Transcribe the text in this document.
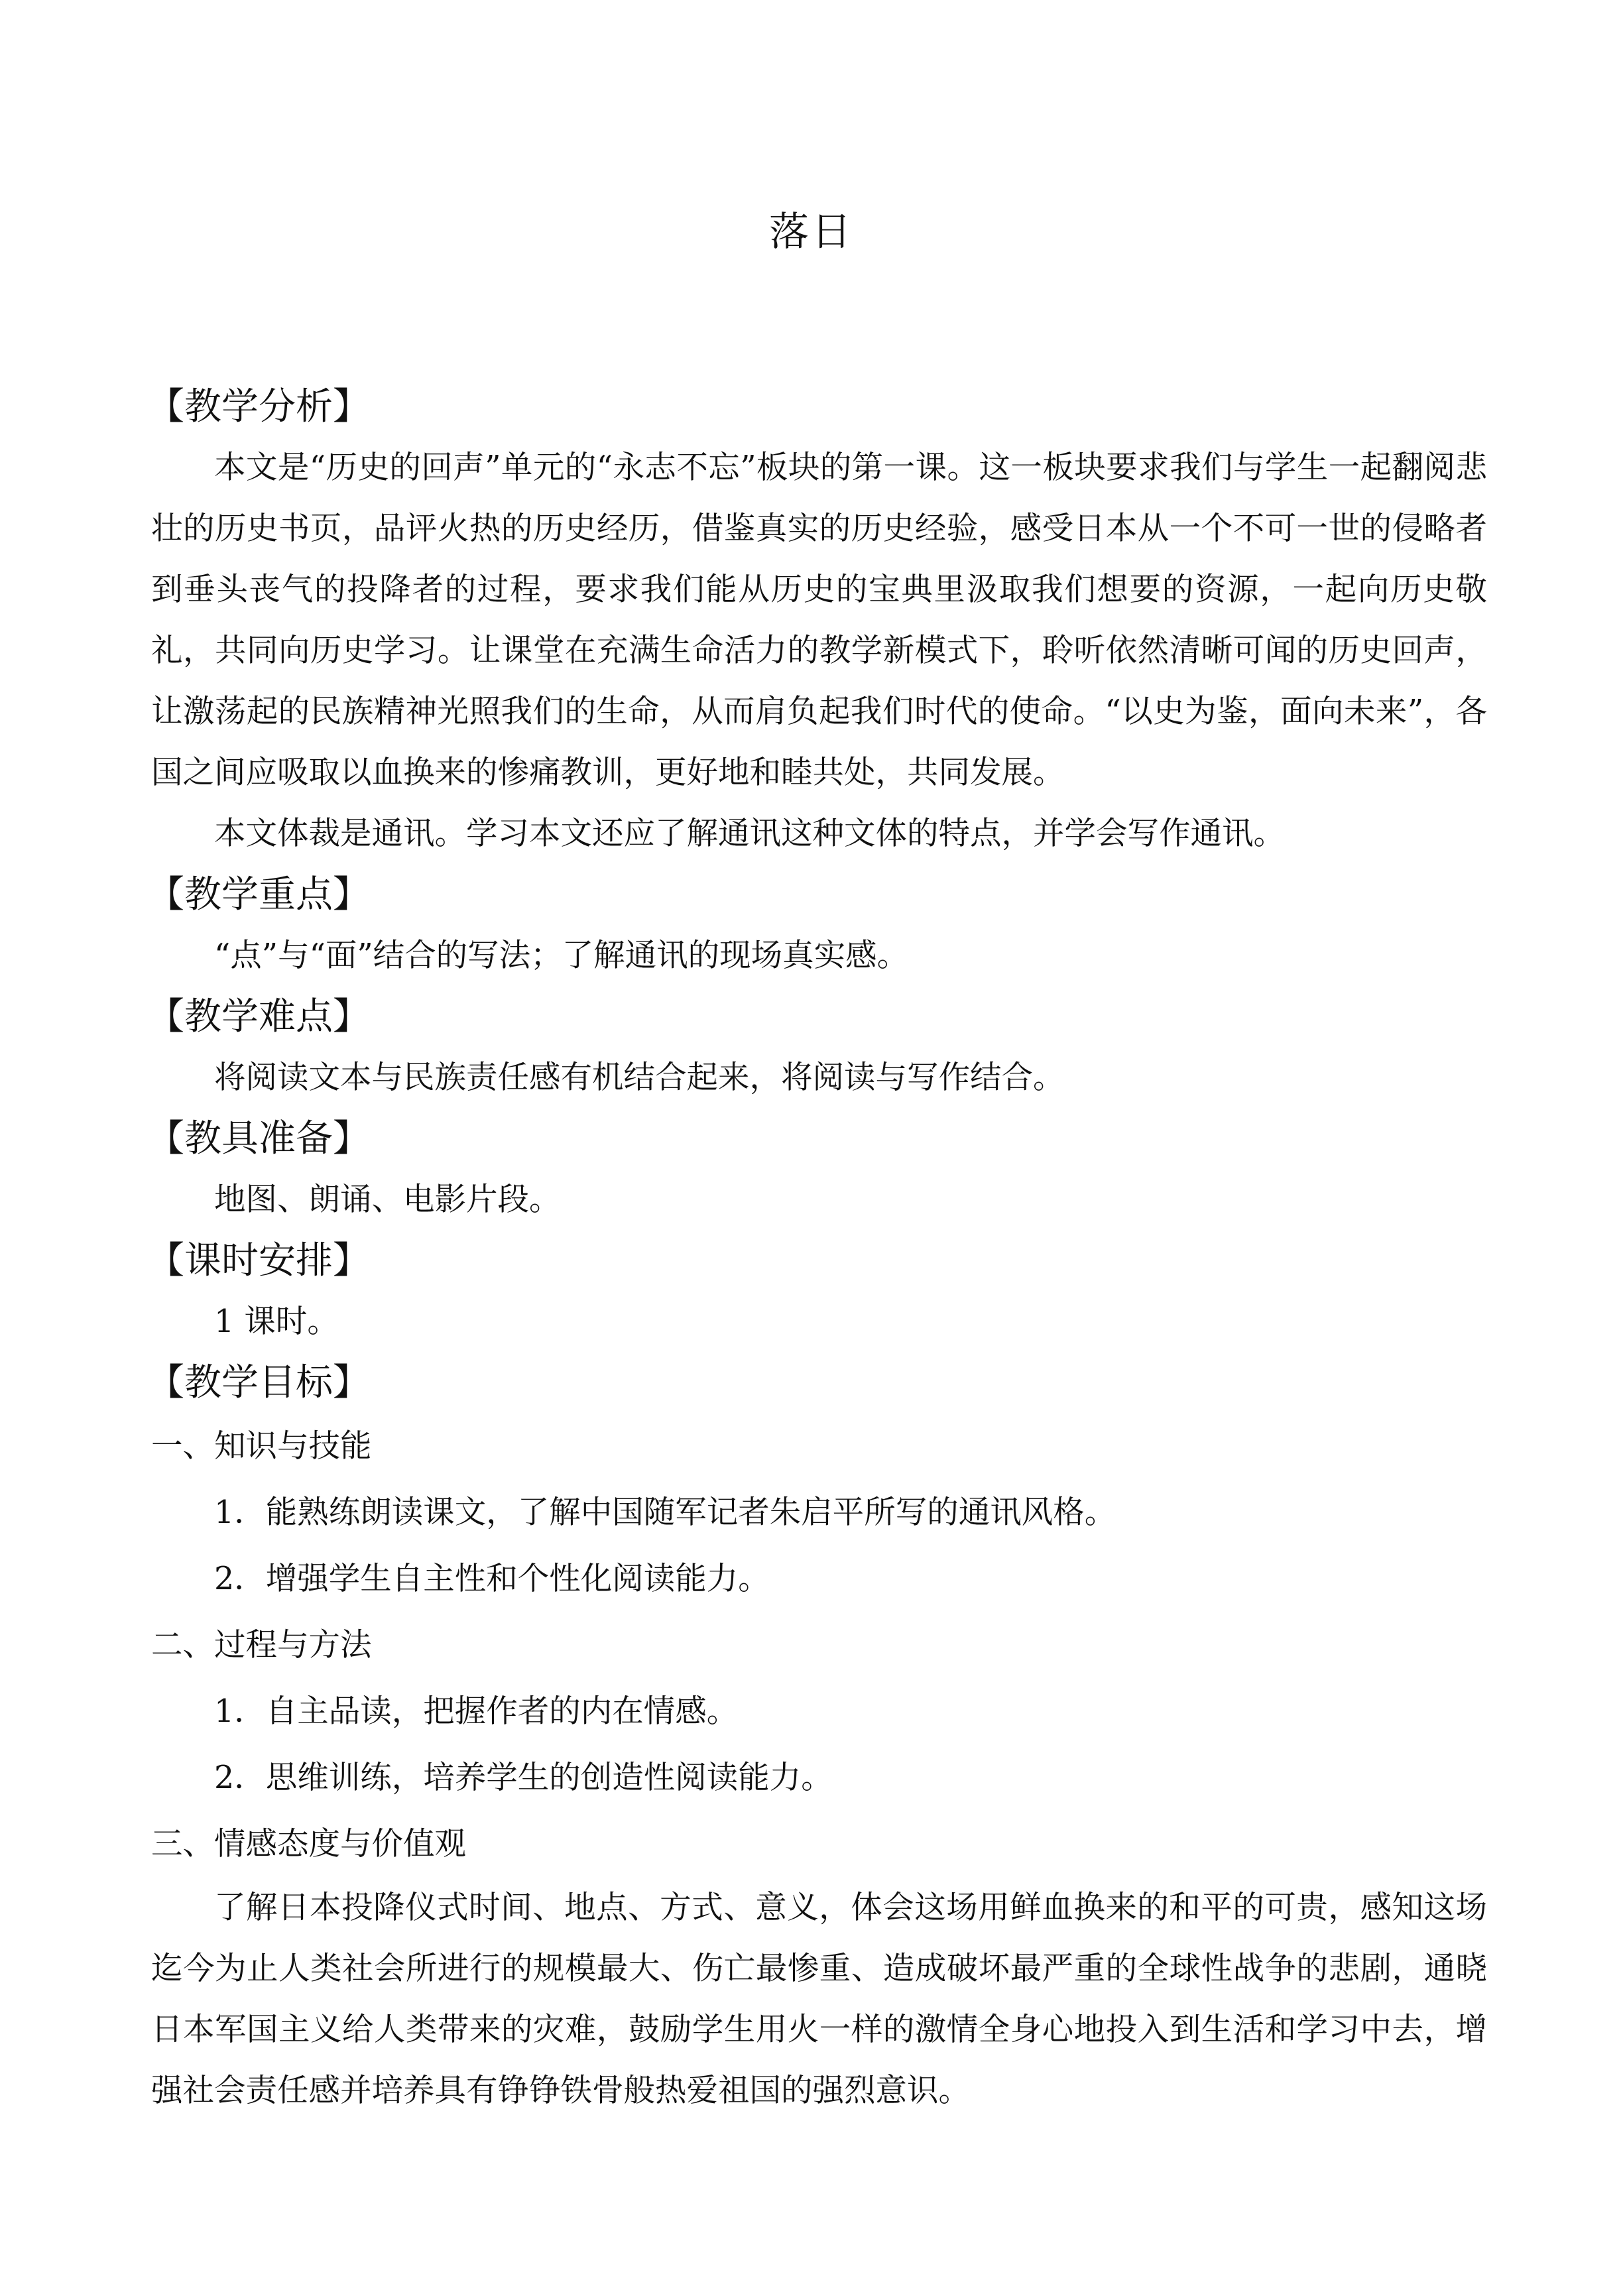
落日
【教学分析】

本文是“历史的回声”单元的“永志不忘”板块的第一课。这一板块要求我们与学生一起翻阅悲壮的历史书页，品评火热的历史经历，借鉴真实的历史经验，感受日本从一个不可一世的侵略者到垂头丧气的投降者的过程，要求我们能从历史的宝典里汲取我们想要的资源，一起向历史敬礼，共同向历史学习。让课堂在充满生命活力的教学新模式下，聆听依然清晰可闻的历史回声，让激荡起的民族精神光照我们的生命，从而肩负起我们时代的使命。“以史为鉴，面向未来”，各国之间应吸取以血换来的惨痛教训，更好地和睦共处，共同发展。

本文体裁是通讯。学习本文还应了解通讯这种文体的特点，并学会写作通讯。

【教学重点】
“点”与“面”结合的写法；了解通讯的现场真实感。
【教学难点】
将阅读文本与民族责任感有机结合起来，将阅读与写作结合。
【教具准备】
地图、朗诵、电影片段。
【课时安排】
1 课时。
【教学目标】
一、知识与技能
1．能熟练朗读课文，了解中国随军记者朱启平所写的通讯风格。
2．增强学生自主性和个性化阅读能力。
二、过程与方法
1．自主品读，把握作者的内在情感。
2．思维训练，培养学生的创造性阅读能力。
三、情感态度与价值观

了解日本投降仪式时间、地点、方式、意义，体会这场用鲜血换来的和平的可贵，感知这场迄今为止人类社会所进行的规模最大、伤亡最惨重、造成破坏最严重的全球性战争的悲剧，通晓日本军国主义给人类带来的灾难，鼓励学生用火一样的激情全身心地投入到生活和学习中去，增强社会责任感并培养具有铮铮铁骨般热爱祖国的强烈意识。
